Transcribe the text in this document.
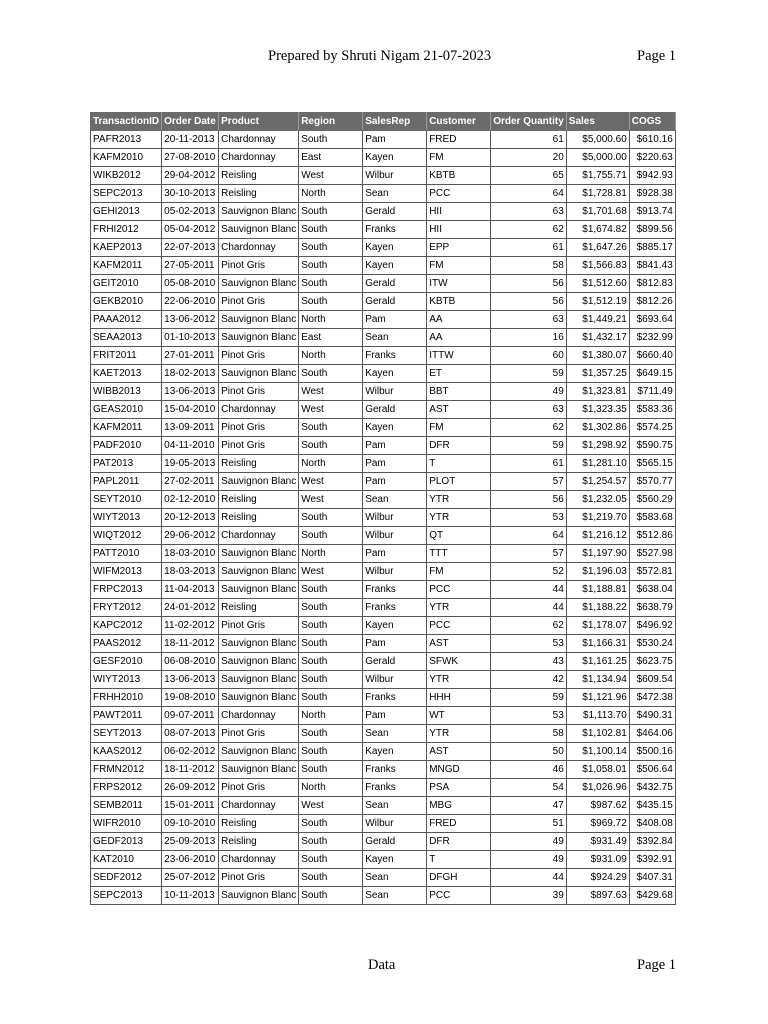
Prepared by Shruti Nigam 21-07-2023	Page 1
TransactionID	Order Date	Product	Region	SalesRep	Customer	Order Quantity	Sales	COGS
PAFR2013	20-11-2013	Chardonnay	South	Pam	FRED	61	$5,000.60	$610.16
KAFM2010	27-08-2010	Chardonnay	East	Kayen	FM	20	$5,000.00	$220.63
WIKB2012	29-04-2012	Reisling	West	Wilbur	KBTB	65	$1,755.71	$942.93
SEPC2013	30-10-2013	Reisling	North	Sean	PCC	64	$1,728.81	$928.38
GEHI2013	05-02-2013	Sauvignon Blanc	South	Gerald	HII	63	$1,701.68	$913.74
FRHI2012	05-04-2012	Sauvignon Blanc	South	Franks	HII	62	$1,674.82	$899.56
KAEP2013	22-07-2013	Chardonnay	South	Kayen	EPP	61	$1,647.26	$885.17
KAFM2011	27-05-2011	Pinot Gris	South	Kayen	FM	58	$1,566.83	$841.43
GEIT2010	05-08-2010	Sauvignon Blanc	South	Gerald	ITW	56	$1,512.60	$812.83
GEKB2010	22-06-2010	Pinot Gris	South	Gerald	KBTB	56	$1,512.19	$812.26
PAAA2012	13-06-2012	Sauvignon Blanc	North	Pam	AA	63	$1,449.21	$693.64
SEAA2013	01-10-2013	Sauvignon Blanc	East	Sean	AA	16	$1,432.17	$232.99
FRIT2011	27-01-2011	Pinot Gris	North	Franks	ITTW	60	$1,380.07	$660.40
KAET2013	18-02-2013	Sauvignon Blanc	South	Kayen	ET	59	$1,357.25	$649.15
WIBB2013	13-06-2013	Pinot Gris	West	Wilbur	BBT	49	$1,323.81	$711.49
GEAS2010	15-04-2010	Chardonnay	West	Gerald	AST	63	$1,323.35	$583.36
KAFM2011	13-09-2011	Pinot Gris	South	Kayen	FM	62	$1,302.86	$574.25
PADF2010	04-11-2010	Pinot Gris	South	Pam	DFR	59	$1,298.92	$590.75
PAT2013	19-05-2013	Reisling	North	Pam	T	61	$1,281.10	$565.15
PAPL2011	27-02-2011	Sauvignon Blanc	West	Pam	PLOT	57	$1,254.57	$570.77
SEYT2010	02-12-2010	Reisling	West	Sean	YTR	56	$1,232.05	$560.29
WIYT2013	20-12-2013	Reisling	South	Wilbur	YTR	53	$1,219.70	$583.68
WIQT2012	29-06-2012	Chardonnay	South	Wilbur	QT	64	$1,216.12	$512.86
PATT2010	18-03-2010	Sauvignon Blanc	North	Pam	TTT	57	$1,197.90	$527.98
WIFM2013	18-03-2013	Sauvignon Blanc	West	Wilbur	FM	52	$1,196.03	$572.81
FRPC2013	11-04-2013	Sauvignon Blanc	South	Franks	PCC	44	$1,188.81	$638.04
FRYT2012	24-01-2012	Reisling	South	Franks	YTR	44	$1,188.22	$638.79
KAPC2012	11-02-2012	Pinot Gris	South	Kayen	PCC	62	$1,178.07	$496.92
PAAS2012	18-11-2012	Sauvignon Blanc	South	Pam	AST	53	$1,166.31	$530.24
GESF2010	06-08-2010	Sauvignon Blanc	South	Gerald	SFWK	43	$1,161.25	$623.75
WIYT2013	13-06-2013	Sauvignon Blanc	South	Wilbur	YTR	42	$1,134.94	$609.54
FRHH2010	19-08-2010	Sauvignon Blanc	South	Franks	HHH	59	$1,121.96	$472.38
PAWT2011	09-07-2011	Chardonnay	North	Pam	WT	53	$1,113.70	$490.31
SEYT2013	08-07-2013	Pinot Gris	South	Sean	YTR	58	$1,102.81	$464.06
KAAS2012	06-02-2012	Sauvignon Blanc	South	Kayen	AST	50	$1,100.14	$500.16
FRMN2012	18-11-2012	Sauvignon Blanc	South	Franks	MNGD	46	$1,058.01	$506.64
FRPS2012	26-09-2012	Pinot Gris	North	Franks	PSA	54	$1,026.96	$432.75
SEMB2011	15-01-2011	Chardonnay	West	Sean	MBG	47	$987.62	$435.15
WIFR2010	09-10-2010	Reisling	South	Wilbur	FRED	51	$969.72	$408.08
GEDF2013	25-09-2013	Reisling	South	Gerald	DFR	49	$931.49	$392.84
KAT2010	23-06-2010	Chardonnay	South	Kayen	T	49	$931.09	$392.91
SEDF2012	25-07-2012	Pinot Gris	South	Sean	DFGH	44	$924.29	$407.31
SEPC2013	10-11-2013	Sauvignon Blanc	South	Sean	PCC	39	$897.63	$429.68
Data	Page 1
